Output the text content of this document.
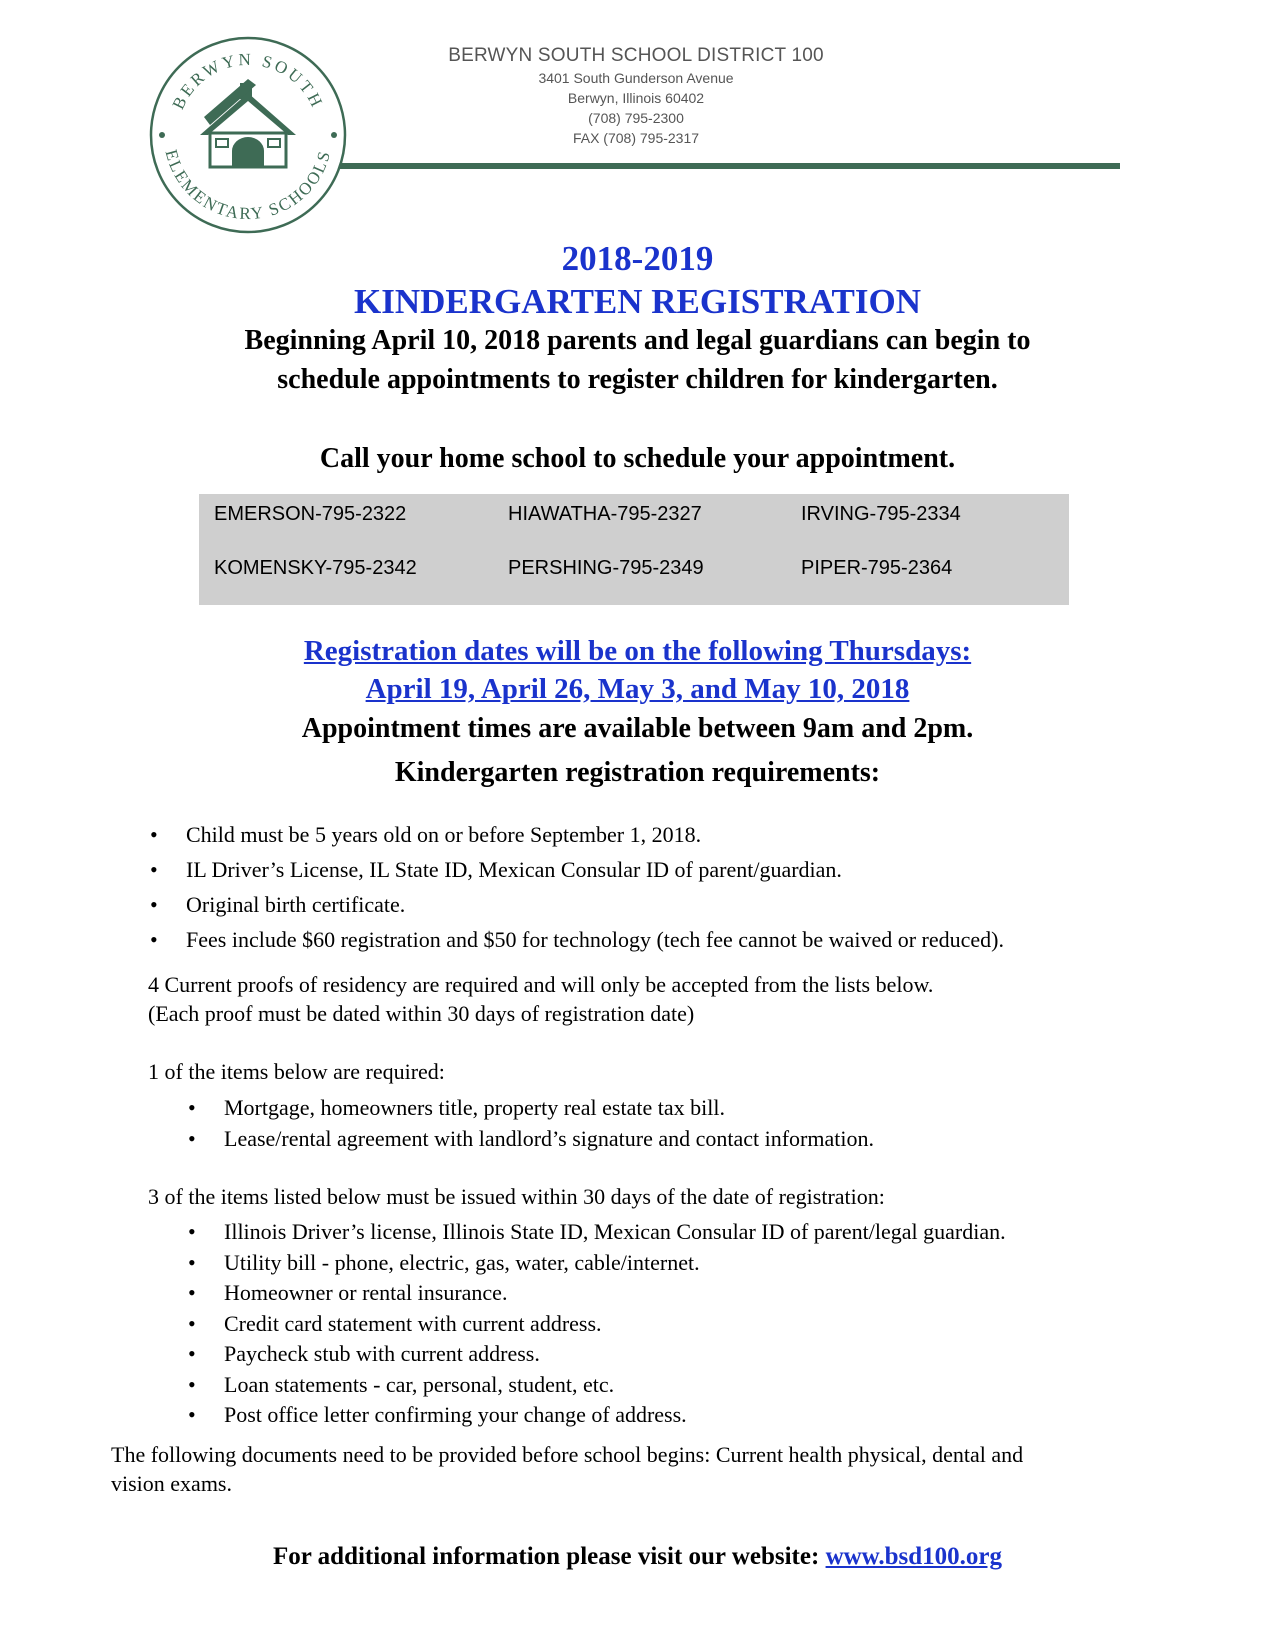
BERWYN SOUTH
ELEMENTARY SCHOOLS
BERWYN SOUTH SCHOOL DISTRICT 100
3401 South Gunderson Avenue
Berwyn, Illinois 60402
(708) 795-2300
FAX (708) 795-2317
2018-2019
KINDERGARTEN REGISTRATION
Beginning April 10, 2018 parents and legal guardians can begin to
schedule appointments to register children for kindergarten.
Call your home school to schedule your appointment.
EMERSON-795-2322	HIAWATHA-795-2327	IRVING-795-2334
KOMENSKY-795-2342	PERSHING-795-2349	PIPER-795-2364
Registration dates will be on the following Thursdays:
April 19, April 26, May 3, and May 10, 2018
Appointment times are available between 9am and 2pm.
Kindergarten registration requirements:
• Child must be 5 years old on or before September 1, 2018.
• IL Driver’s License, IL State ID, Mexican Consular ID of parent/guardian.
• Original birth certificate.
• Fees include $60 registration and $50 for technology (tech fee cannot be waived or reduced).
4 Current proofs of residency are required and will only be accepted from the lists below.
(Each proof must be dated within 30 days of registration date)
1 of the items below are required:
• Mortgage, homeowners title, property real estate tax bill.
• Lease/rental agreement with landlord’s signature and contact information.
3 of the items listed below must be issued within 30 days of the date of registration:
• Illinois Driver’s license, Illinois State ID, Mexican Consular ID of parent/legal guardian.
• Utility bill - phone, electric, gas, water, cable/internet.
• Homeowner or rental insurance.
• Credit card statement with current address.
• Paycheck stub with current address.
• Loan statements - car, personal, student, etc.
• Post office letter confirming your change of address.
The following documents need to be provided before school begins: Current health physical, dental and
vision exams.
For additional information please visit our website: www.bsd100.org
